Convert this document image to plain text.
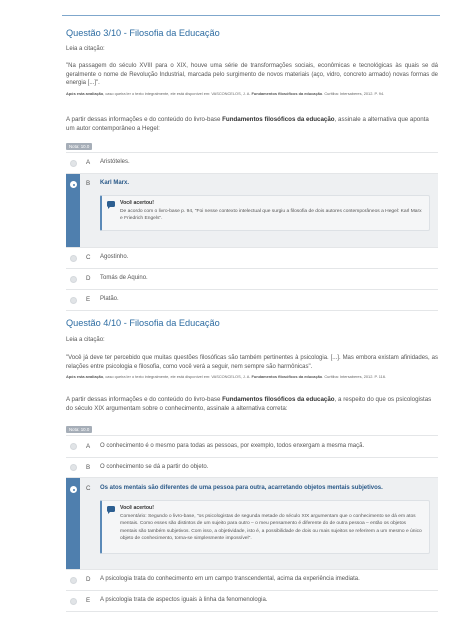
Questão 3/10 - Filosofia da Educação
Leia a citação:
"Na passagem do século XVIII para o XIX, houve uma série de transformações sociais, econômicas e tecnológicas às quais se dá geralmente o nome de Revolução Industrial, marcada pelo surgimento de novos materiais (aço, vidro, concreto armado) novas formas de energia [...]".
Após esta avaliação, caso queira ler o texto integralmente, ele está disponível em: VASCONCELOS, J. A. Fundamentos filosóficos da educação. Curitiba: Intersaberes, 2012. P. 94.
A partir dessas informações e do conteúdo do livro-base Fundamentos filosóficos da educação, assinale a alternativa que aponta um autor contemporâneo a Hegel:
Nota: 10.0
A	Aristóteles.
B	Karl Marx.
Você acertou!
De acordo com o livro-base p. 94, "Foi nesse contexto intelectual que surgiu a filosofia de dois autores contemporâneos a Hegel: Karl Marx e Friedrich Engels".
C	Agostinho.
D	Tomás de Aquino.
E	Platão.
Questão 4/10 - Filosofia da Educação
Leia a citação:
"Você já deve ter percebido que muitas questões filosóficas são também pertinentes à psicologia. [...]. Mas embora existam afinidades, as relações entre psicologia e filosofia, como você verá a seguir, nem sempre são harmônicas".
Após esta avaliação, caso queira ler o texto integralmente, ele está disponível em: VASCONCELOS, J. A. Fundamentos filosóficos da educação. Curitiba: Intersaberes, 2012. P. 116.
A partir dessas informações e do conteúdo do livro-base Fundamentos filosóficos da educação, a respeito do que os psicologistas do século XIX argumentam sobre o conhecimento, assinale a alternativa correta:
Nota: 10.0
A	O conhecimento é o mesmo para todas as pessoas, por exemplo, todos enxergam a mesma maçã.
B	O conhecimento se dá a partir do objeto.
C	Os atos mentais são diferentes de uma pessoa para outra, acarretando objetos mentais subjetivos.
Você acertou!
Comentário: Segundo o livro-base, "os psicologistas de segunda metade do século XIX argumentam que o conhecimento se dá em atos mentais. Como esses são distintos de um sujeito para outro – o meu pensamento é diferente do de outra pessoa – então os objetos mentais são também subjetivos. Com isso, a objetividade, isto é, a possibilidade de dois ou mais sujeitos se referirem a um mesmo e único objeto de conhecimento, torna-se simplesmente impossível".
D	A psicologia trata do conhecimento em um campo transcendental, acima da experiência imediata.
E	A psicologia trata de aspectos iguais à linha da fenomenologia.
